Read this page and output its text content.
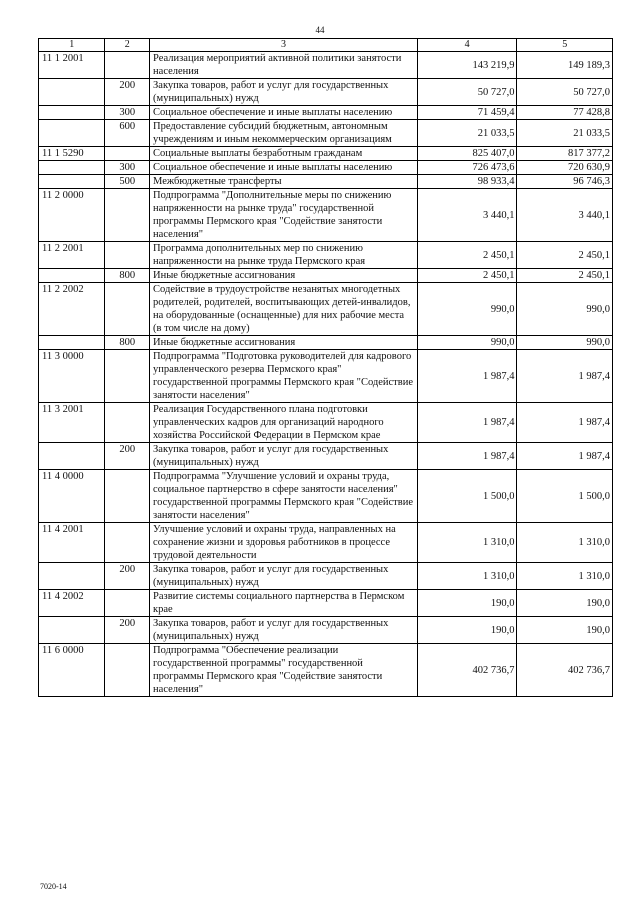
44
1	2	3	4	5
11 1 2001		Реализация мероприятий активной политики занятости населения	143 219,9	149 189,3
	200	Закупка товаров, работ и услуг для государственных (муниципальных) нужд	50 727,0	50 727,0
	300	Социальное обеспечение и иные выплаты населению	71 459,4	77 428,8
	600	Предоставление субсидий бюджетным, автономным учреждениям и иным некоммерческим организациям	21 033,5	21 033,5
11 1 5290		Социальные выплаты безработным гражданам	825 407,0	817 377,2
	300	Социальное обеспечение и иные выплаты населению	726 473,6	720 630,9
	500	Межбюджетные трансферты	98 933,4	96 746,3
11 2 0000		Подпрограмма "Дополнительные меры по снижению напряженности на рынке труда" государственной программы Пермского края "Содействие занятости населения"	3 440,1	3 440,1
11 2 2001		Программа дополнительных мер по снижению напряженности на рынке труда Пермского края	2 450,1	2 450,1
	800	Иные бюджетные ассигнования	2 450,1	2 450,1
11 2 2002		Содействие в трудоустройстве незанятых многодетных родителей, родителей, воспитывающих детей-инвалидов, на оборудованные (оснащенные) для них рабочие места (в том числе на дому)	990,0	990,0
	800	Иные бюджетные ассигнования	990,0	990,0
11 3 0000		Подпрограмма "Подготовка руководителей для кадрового управленческого резерва Пермского края" государственной программы Пермского края "Содействие занятости населения"	1 987,4	1 987,4
11 3 2001		Реализация Государственного плана подготовки управленческих кадров для организаций народного хозяйства Российской Федерации в Пермском крае	1 987,4	1 987,4
	200	Закупка товаров, работ и услуг для государственных (муниципальных) нужд	1 987,4	1 987,4
11 4 0000		Подпрограмма "Улучшение условий и охраны труда, социальное партнерство в сфере занятости населения" государственной программы Пермского края "Содействие занятости населения"	1 500,0	1 500,0
11 4 2001		Улучшение условий и охраны труда, направленных на сохранение жизни и здоровья работников в процессе трудовой деятельности	1 310,0	1 310,0
	200	Закупка товаров, работ и услуг для государственных (муниципальных) нужд	1 310,0	1 310,0
11 4 2002		Развитие системы социального партнерства в Пермском крае	190,0	190,0
	200	Закупка товаров, работ и услуг для государственных (муниципальных) нужд	190,0	190,0
11 6 0000		Подпрограмма "Обеспечение реализации государственной программы" государственной программы Пермского края "Содействие занятости населения"	402 736,7	402 736,7
7020-14
